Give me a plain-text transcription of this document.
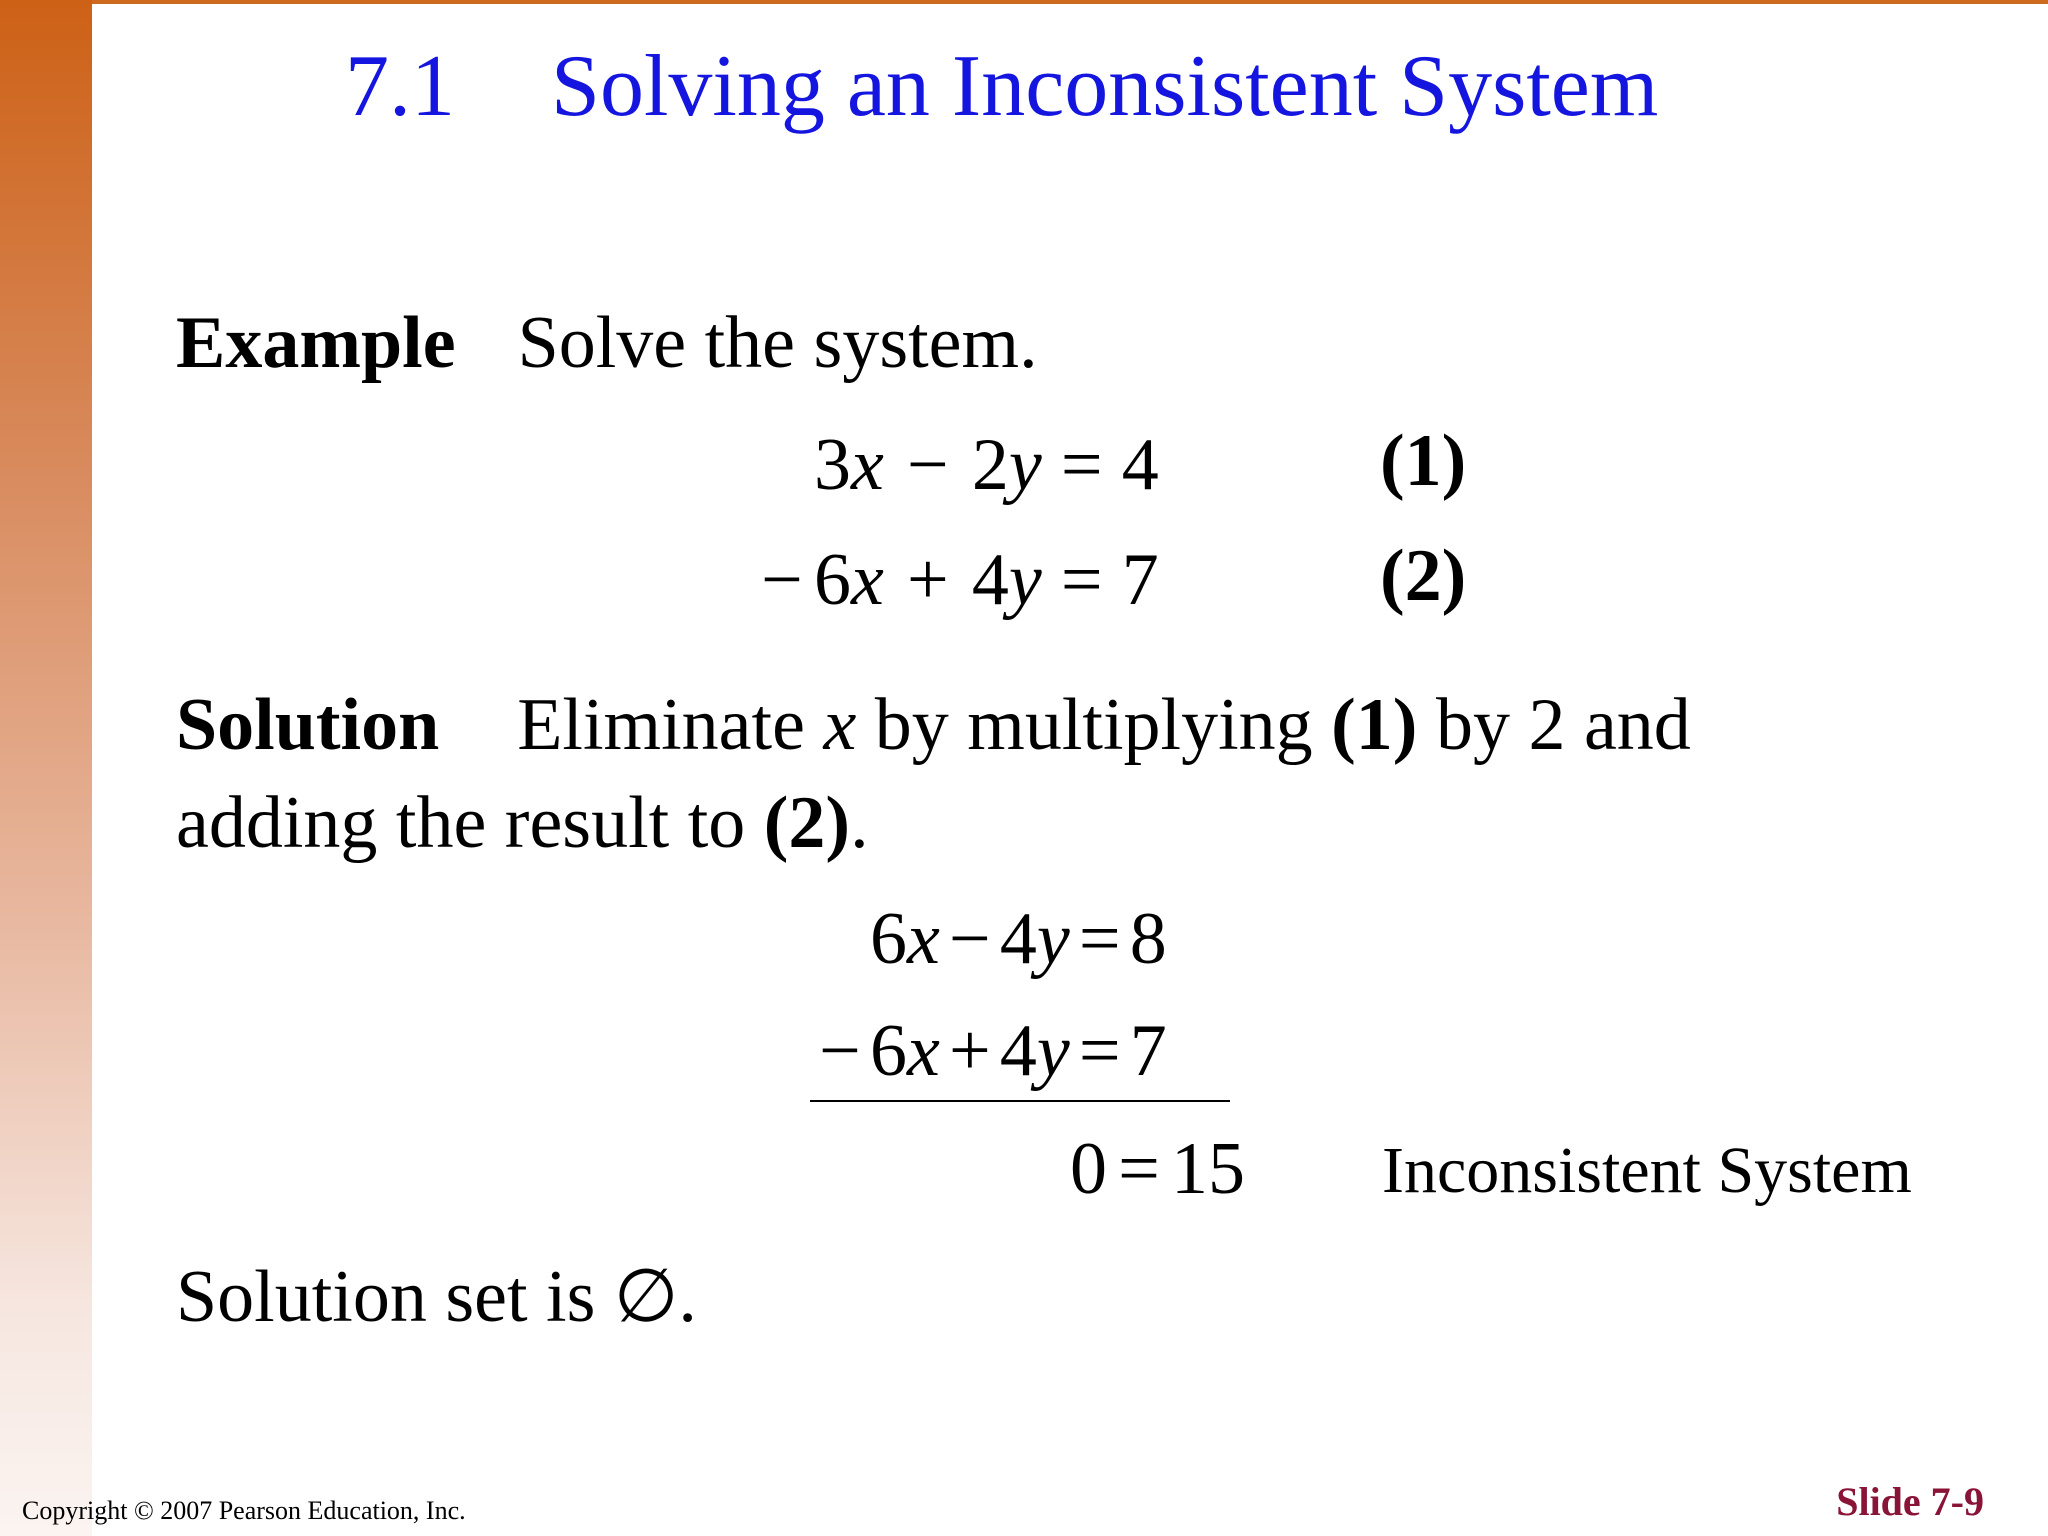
7.1 Solving an Inconsistent System
Example Solve the system.
3x − 2y = 4	(1)
− 6x + 4y = 7	(2)
Solution Eliminate x by multiplying (1) by 2 and
adding the result to (2).
6x − 4y = 8
− 6x + 4y = 7
0 = 15 Inconsistent System
Solution set is ∅.
Copyright © 2007 Pearson Education, Inc.	Slide 7-9
